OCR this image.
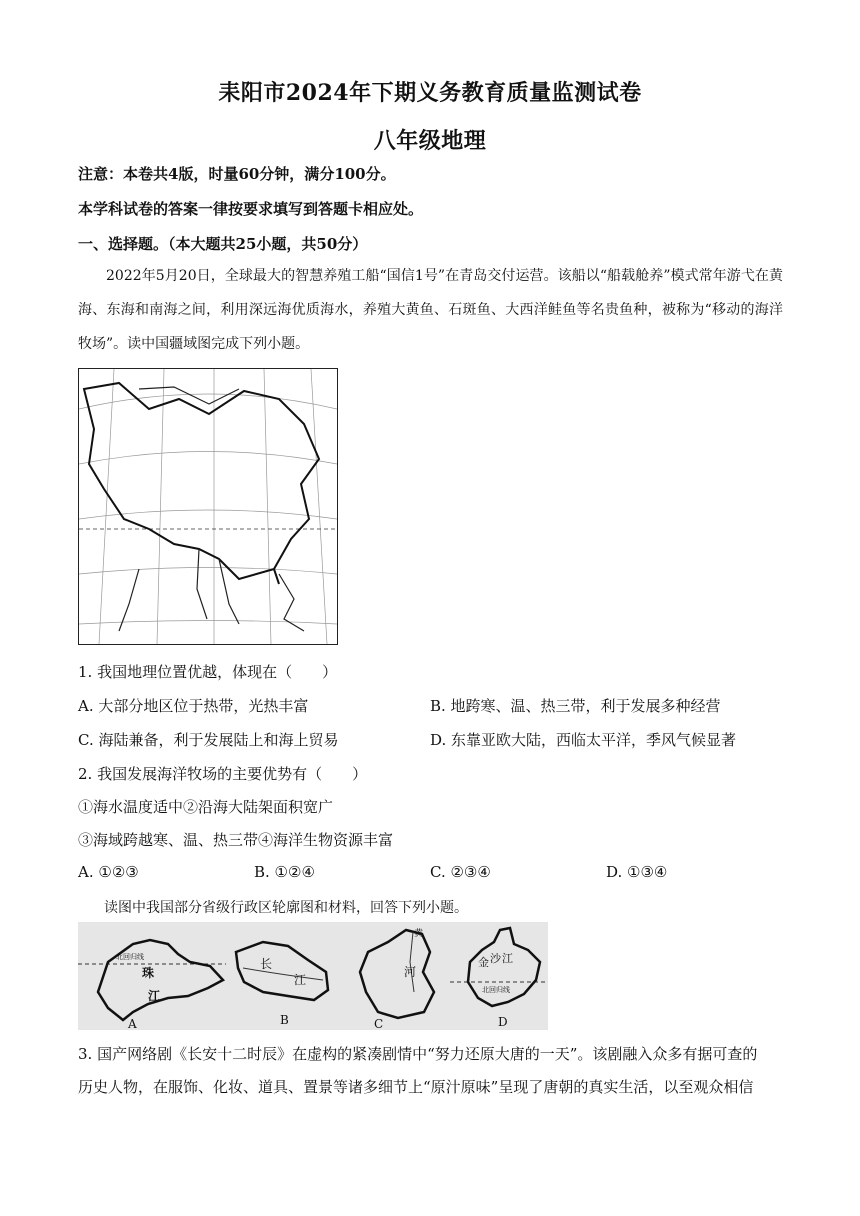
耒阳市2024年下期义务教育质量监测试卷
八年级地理
注意：本卷共4版，时量60分钟，满分100分。
本学科试卷的答案一律按要求填写到答题卡相应处。
一、选择题。（本大题共25小题，共50分）
2022年5月20日，全球最大的智慧养殖工船“国信1号”在青岛交付运营。该船以“船载舱养”模式常年游弋在黄海、东海和南海之间，利用深远海优质海水，养殖大黄鱼、石斑鱼、大西洋鲑鱼等名贵鱼种，被称为“移动的海洋牧场”。读中国疆域图完成下列小题。
1. 我国地理位置优越，体现在（　　）
A. 大部分地区位于热带，光热丰富	B. 地跨寒、温、热三带，利于发展多种经营
C. 海陆兼备，利于发展陆上和海上贸易	D. 东靠亚欧大陆，西临太平洋，季风气候显著
2. 我国发展海洋牧场的主要优势有（　　）
①海水温度适中②沿海大陆架面积宽广
③海域跨越寒、温、热三带④海洋生物资源丰富
A. ①②③	B. ①②④	C. ②③④	D. ①③④
读图中我国部分省级行政区轮廓图和材料，回答下列小题。
北回归线
珠
江
A
长
江
B
黄
河
C
金 沙 江
北回归线
D
3. 国产网络剧《长安十二时辰》在虚构的紧凑剧情中“努力还原大唐的一天”。该剧融入众多有据可查的
历史人物，在服饰、化妆、道具、置景等诸多细节上“原汁原味”呈现了唐朝的真实生活，以至观众相信
